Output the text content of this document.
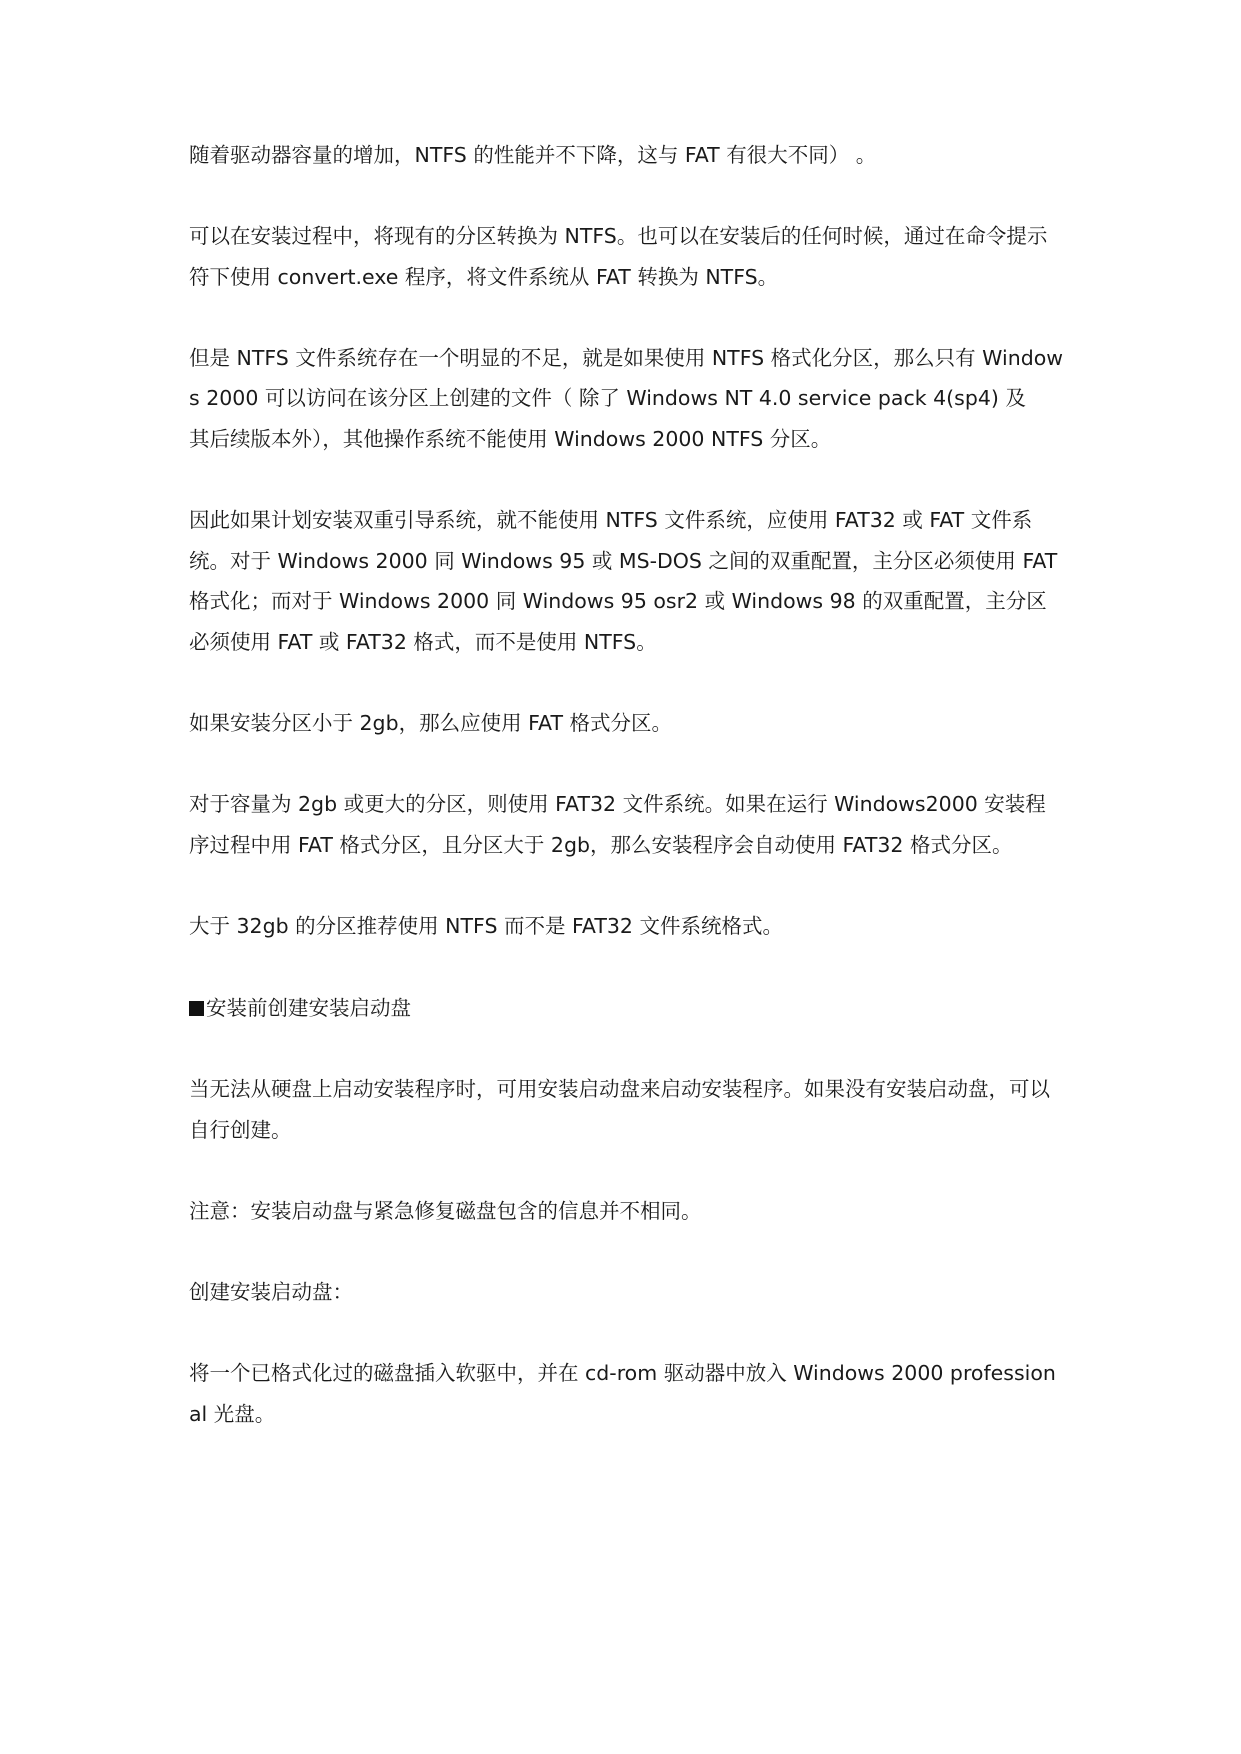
随着驱动器容量的增加，NTFS 的性能并不下降，这与 FAT 有很大不同） 。
可以在安装过程中，将现有的分区转换为 NTFS。也可以在安装后的任何时候，通过在命令提示
符下使用 convert.exe 程序，将文件系统从 FAT 转换为 NTFS。
但是 NTFS 文件系统存在一个明显的不足，就是如果使用 NTFS 格式化分区，那么只有 Window
s 2000 可以访问在该分区上创建的文件（ 除了 Windows NT 4.0 service pack 4(sp4) 及
其后续版本外），其他操作系统不能使用 Windows 2000 NTFS 分区。
因此如果计划安装双重引导系统，就不能使用 NTFS 文件系统，应使用 FAT32 或 FAT 文件系
统。对于 Windows 2000 同 Windows 95 或 MS-DOS 之间的双重配置，主分区必须使用 FAT
格式化；而对于 Windows 2000 同 Windows 95 osr2 或 Windows 98 的双重配置，主分区
必须使用 FAT 或 FAT32 格式，而不是使用 NTFS。
如果安装分区小于 2gb，那么应使用 FAT 格式分区。
对于容量为 2gb 或更大的分区，则使用 FAT32 文件系统。如果在运行 Windows2000 安装程
序过程中用 FAT 格式分区，且分区大于 2gb，那么安装程序会自动使用 FAT32 格式分区。
大于 32gb 的分区推荐使用 NTFS 而不是 FAT32 文件系统格式。
安装前创建安装启动盘
当无法从硬盘上启动安装程序时，可用安装启动盘来启动安装程序。如果没有安装启动盘，可以
自行创建。
注意：安装启动盘与紧急修复磁盘包含的信息并不相同。
创建安装启动盘：
将一个已格式化过的磁盘插入软驱中，并在 cd-rom 驱动器中放入 Windows 2000 profession
al 光盘。
